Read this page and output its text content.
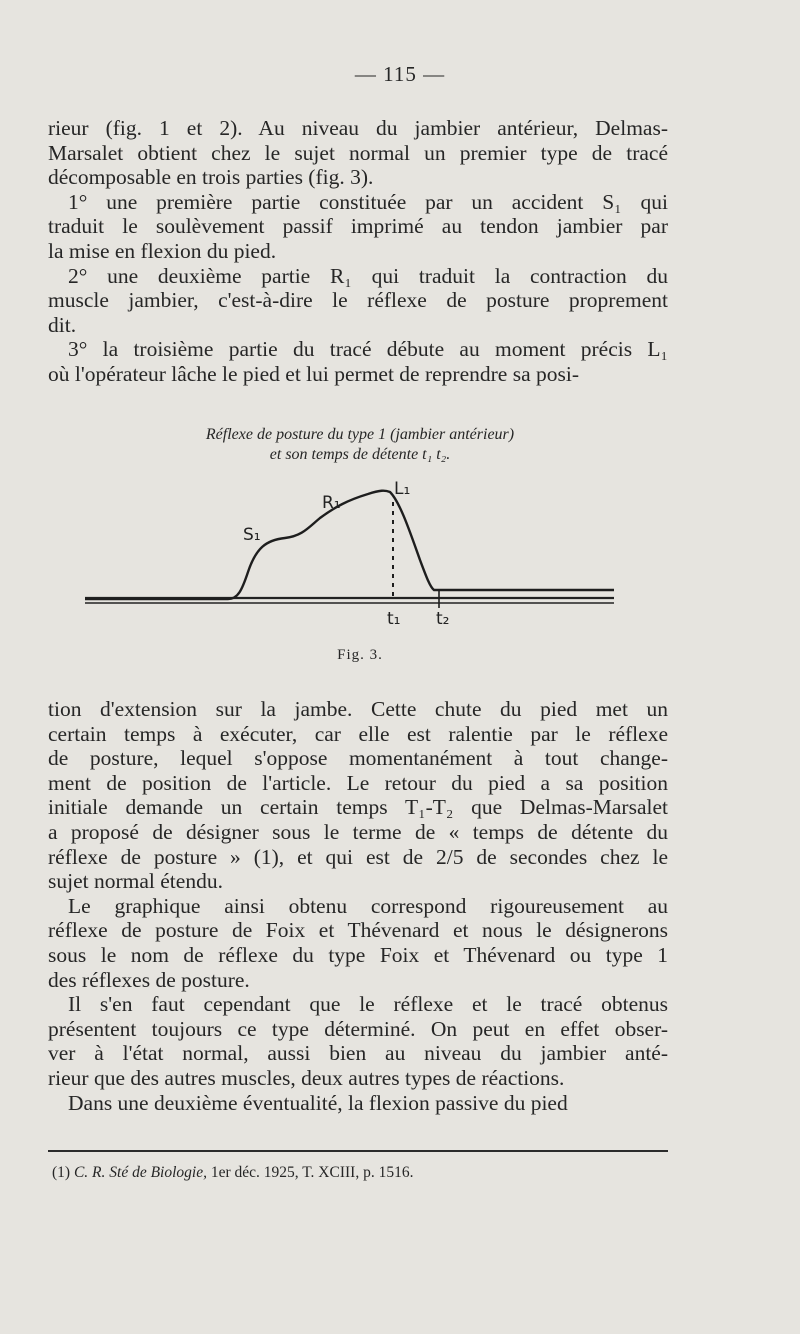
— 115 —

rieur (fig. 1 et 2). Au niveau du jambier antérieur, Delmas-
Marsalet obtient chez le sujet normal un premier type de tracé
décomposable en trois parties (fig. 3).

1° une première partie constituée par un accident S₁ qui
traduit le soulèvement passif imprimé au tendon jambier par
la mise en flexion du pied.

2° une deuxième partie R₁ qui traduit la contraction du
muscle jambier, c'est-à-dire le réflexe de posture proprement
dit.

3° la troisième partie du tracé débute au moment précis L₁
où l'opérateur lâche le pied et lui permet de reprendre sa posi-

Réflexe de posture du type 1 (jambier antérieur)
et son temps de détente t₁ t₂.
S₁
R₁
L₁
t₁ t₂
Fig. 3.

tion d'extension sur la jambe. Cette chute du pied met un
certain temps à exécuter, car elle est ralentie par le réflexe
de posture, lequel s'oppose momentanément à tout change-
ment de position de l'article. Le retour du pied a sa position
initiale demande un certain temps T₁-T₂ que Delmas-Marsalet
a proposé de désigner sous le terme de « temps de détente du
réflexe de posture » (1), et qui est de 2/5 de secondes chez le
sujet normal étendu.

Le graphique ainsi obtenu correspond rigoureusement au
réflexe de posture de Foix et Thévenard et nous le désignerons
sous le nom de réflexe du type Foix et Thévenard ou type 1
des réflexes de posture.

Il s'en faut cependant que le réflexe et le tracé obtenus
présentent toujours ce type déterminé. On peut en effet obser-
ver à l'état normal, aussi bien au niveau du jambier anté-
rieur que des autres muscles, deux autres types de réactions.

Dans une deuxième éventualité, la flexion passive du pied

(1) C. R. Sté de Biologie, 1er déc. 1925, T. XCIII, p. 1516.
